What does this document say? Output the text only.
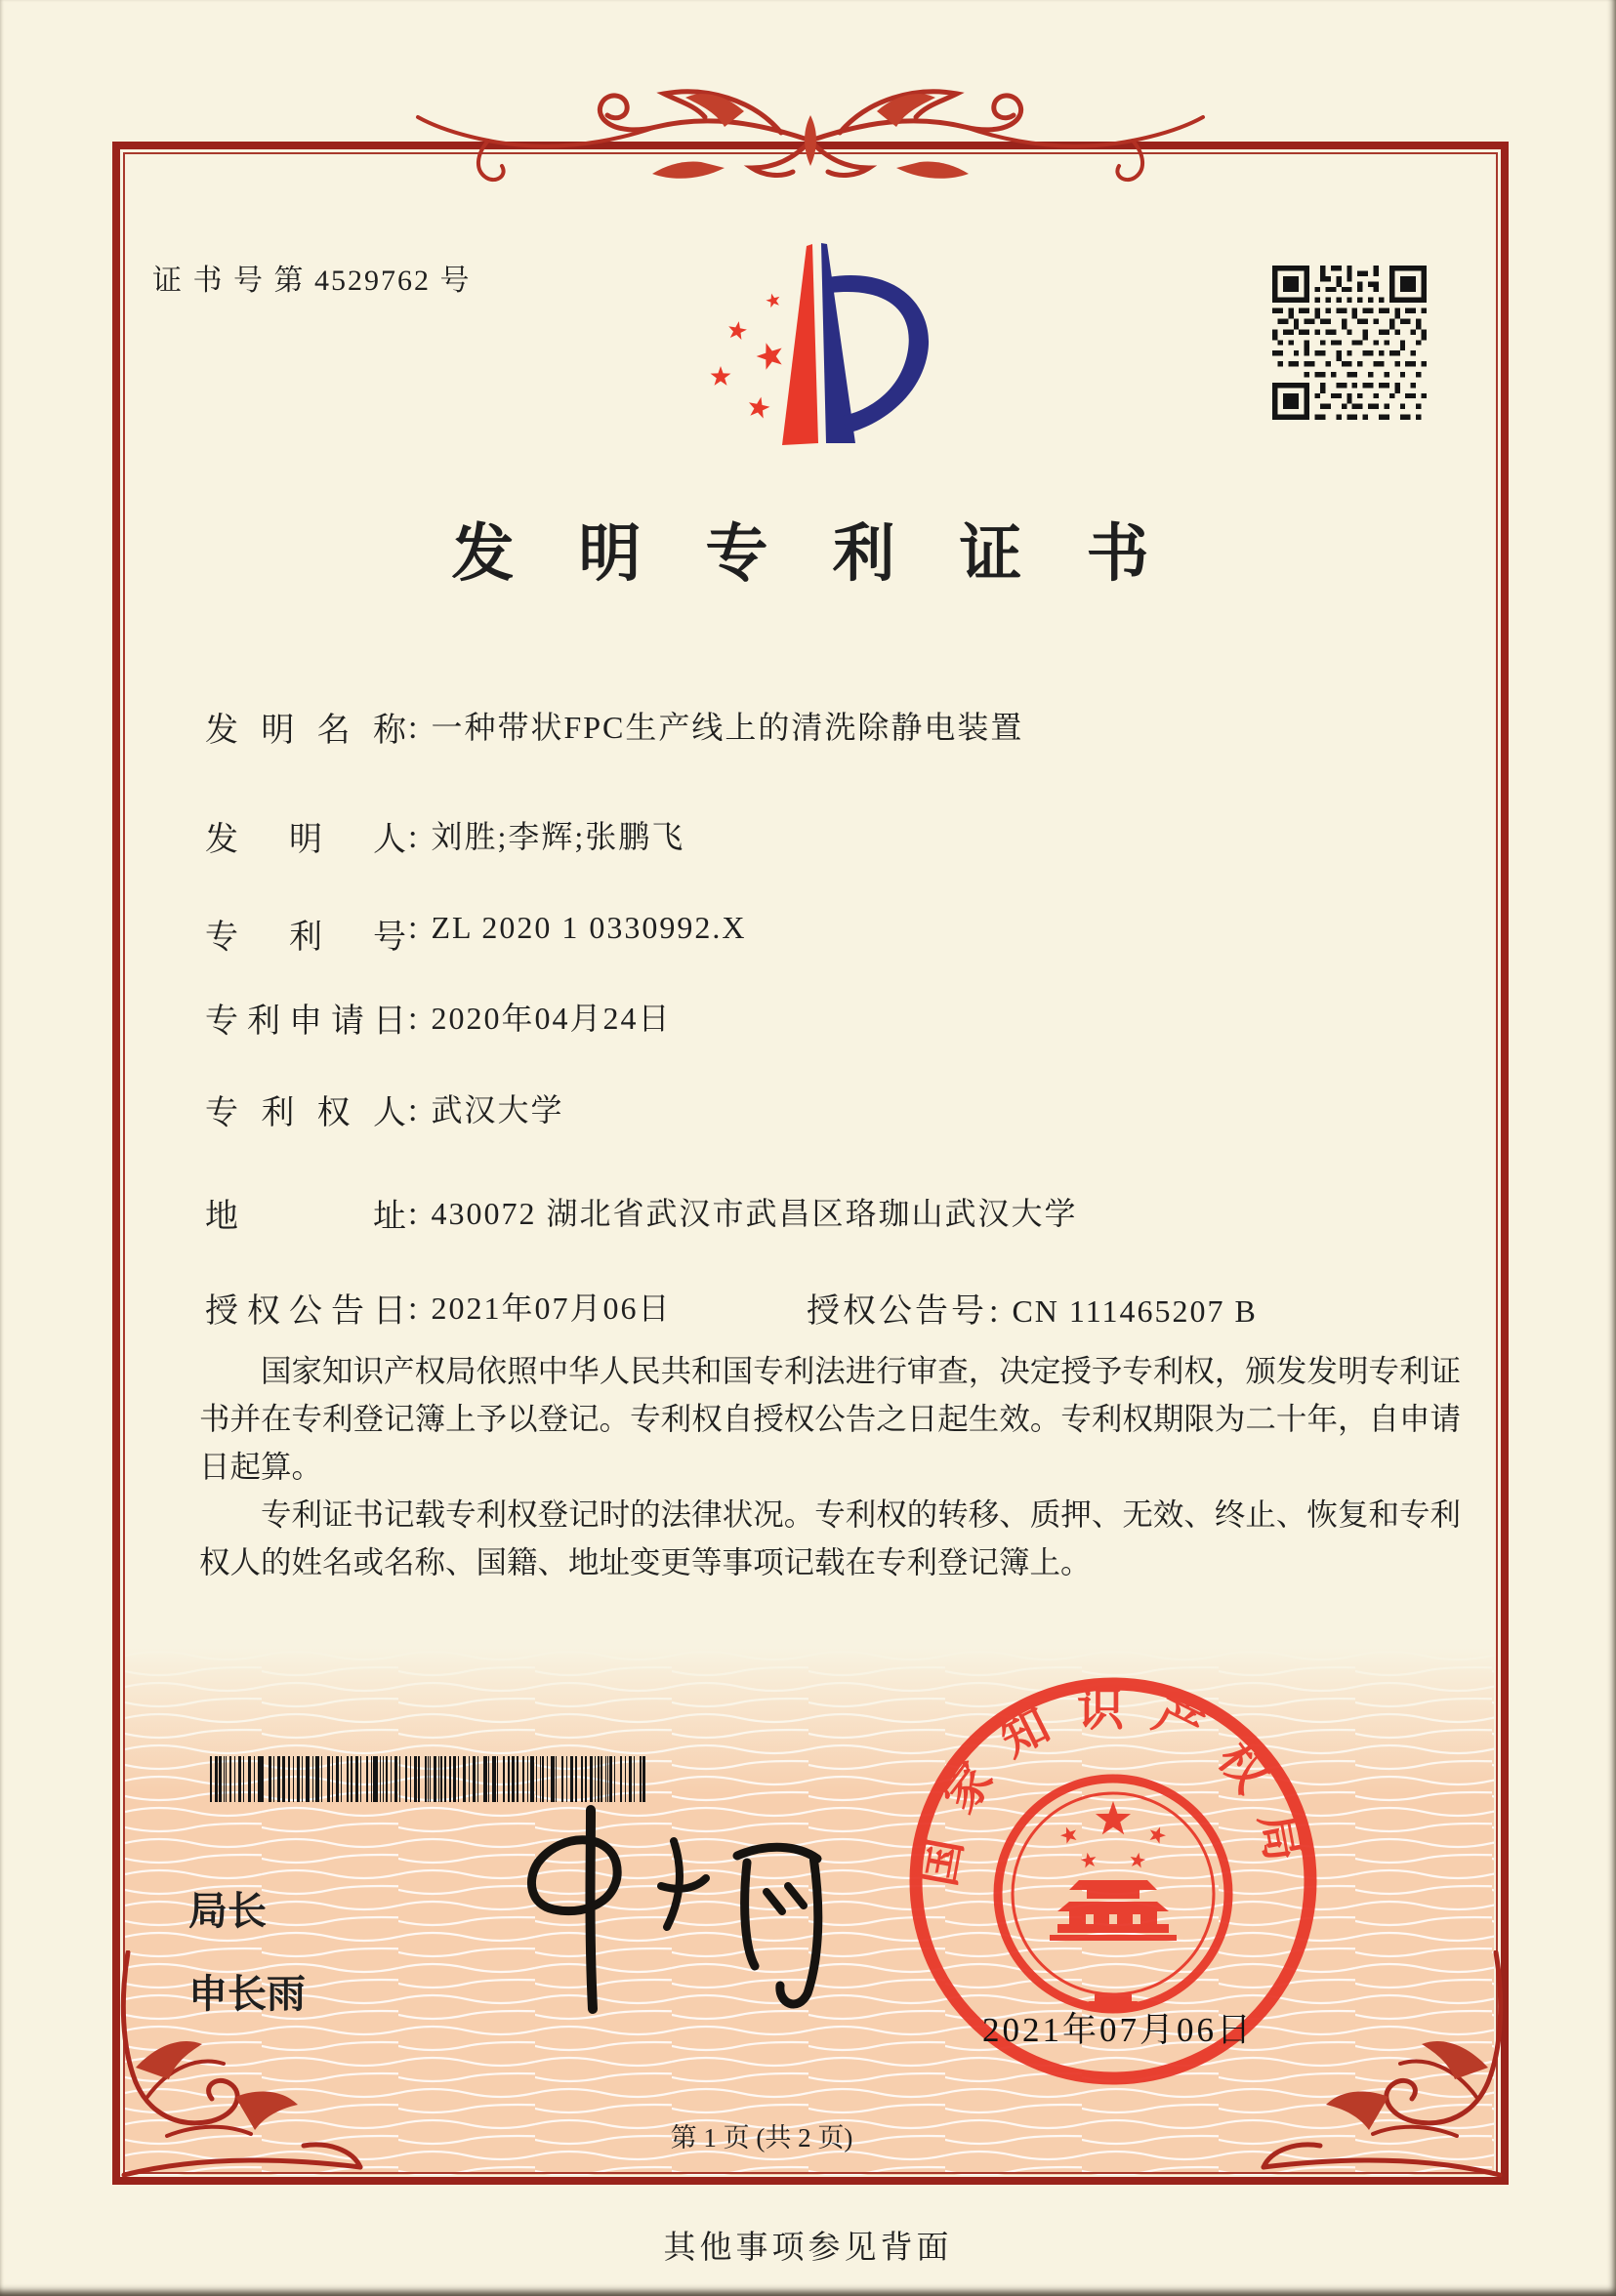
证 书 号 第 4529762 号
发明专利证书
发明名称: 一种带状FPC生产线上的清洗除静电装置
发明人: 刘胜;李辉;张鹏飞
专利号: ZL 2020 1 0330992.X
专利申请日: 2020年04月24日
专利权人: 武汉大学
地址: 430072 湖北省武汉市武昌区珞珈山武汉大学
授权公告日: 2021年07月06日	授权公告号: CN 111465207 B

国家知识产权局依照中华人民共和国专利法进行审查，决定授予专利权，颁发发明专利证书并在专利登记簿上予以登记。专利权自授权公告之日起生效。专利权期限为二十年，自申请日起算。

专利证书记载专利权登记时的法律状况。专利权的转移、质押、无效、终止、恢复和专利权人的姓名或名称、国籍、地址变更等事项记载在专利登记簿上。

局长
申长雨
国家知识产权局
2021年07月06日
第 1 页 (共 2 页)
其他事项参见背面
